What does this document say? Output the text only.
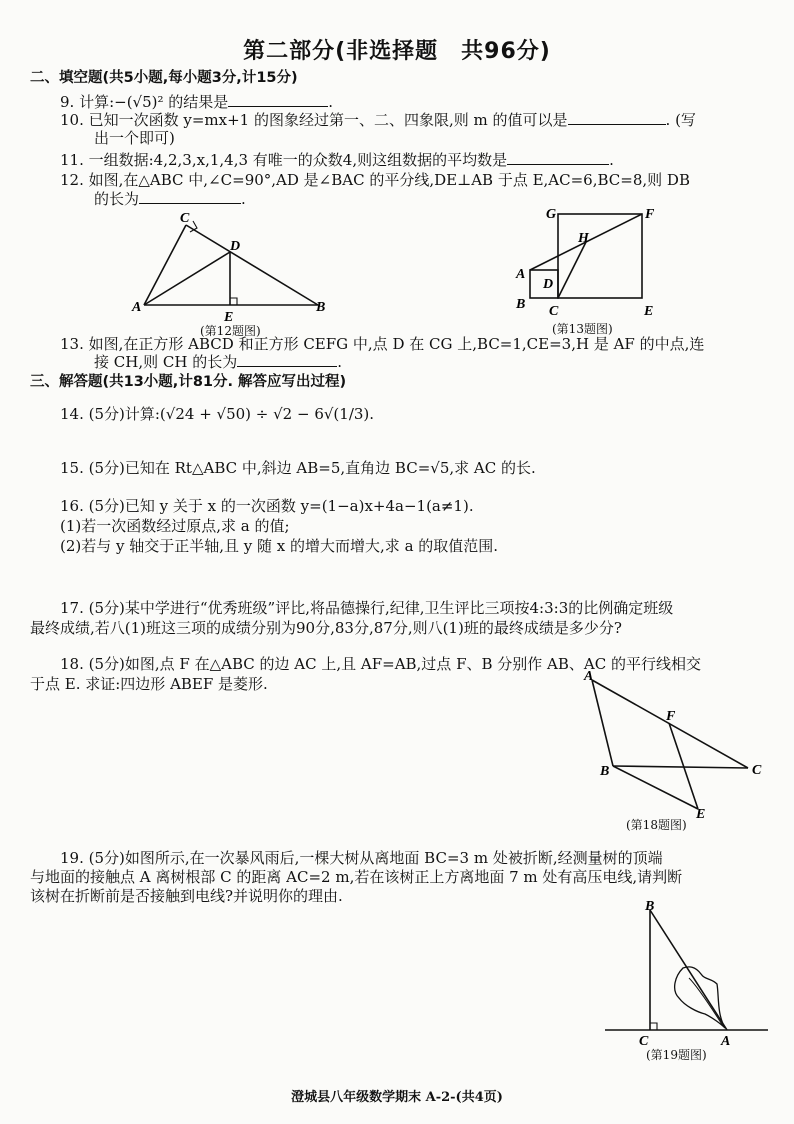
第二部分(非选择题　共96分)
二、填空题(共5小题,每小题3分,计15分)
9. 计算:−(√5)² 的结果是	.
10. 已知一次函数 y=mx+1 的图象经过第一、二、四象限,则 m 的值可以是	. (写
出一个即可)
11. 一组数据:4,2,3,x,1,4,3 有唯一的众数4,则这组数据的平均数是	.
12. 如图,在△ABC 中,∠C=90°,AD 是∠BAC 的平分线,DE⊥AB 于点 E,AC=6,BC=8,则 DB
的长为	.
C
D
A	B
E
(第12题图)
G	F
H
A
D
B C	E
(第13题图)
13. 如图,在正方形 ABCD 和正方形 CEFG 中,点 D 在 CG 上,BC=1,CE=3,H 是 AF 的中点,连
接 CH,则 CH 的长为	.
三、解答题(共13小题,计81分. 解答应写出过程)
14. (5分)计算:(√24 + √50) ÷ √2 − 6√(1/3).
15. (5分)已知在 Rt△ABC 中,斜边 AB=5,直角边 BC=√5,求 AC 的长.
16. (5分)已知 y 关于 x 的一次函数 y=(1−a)x+4a−1(a≠1).
(1)若一次函数经过原点,求 a 的值;
(2)若与 y 轴交于正半轴,且 y 随 x 的增大而增大,求 a 的取值范围.
17. (5分)某中学进行“优秀班级”评比,将品德操行,纪律,卫生评比三项按4:3:3的比例确定班级
最终成绩,若八(1)班这三项的成绩分别为90分,83分,87分,则八(1)班的最终成绩是多少分?
18. (5分)如图,点 F 在△ABC 的边 AC 上,且 AF=AB,过点 F、B 分别作 AB、AC 的平行线相交
于点 E. 求证:四边形 ABEF 是菱形.	A
F
B	C
E
(第18题图)
19. (5分)如图所示,在一次暴风雨后,一棵大树从离地面 BC=3 m 处被折断,经测量树的顶端
与地面的接触点 A 离树根部 C 的距离 AC=2 m,若在该树正上方离地面 7 m 处有高压电线,请判断
该树在折断前是否接触到电线?并说明你的理由.
B
C	A
(第19题图)
澄城县八年级数学期末 A-2-(共4页)
